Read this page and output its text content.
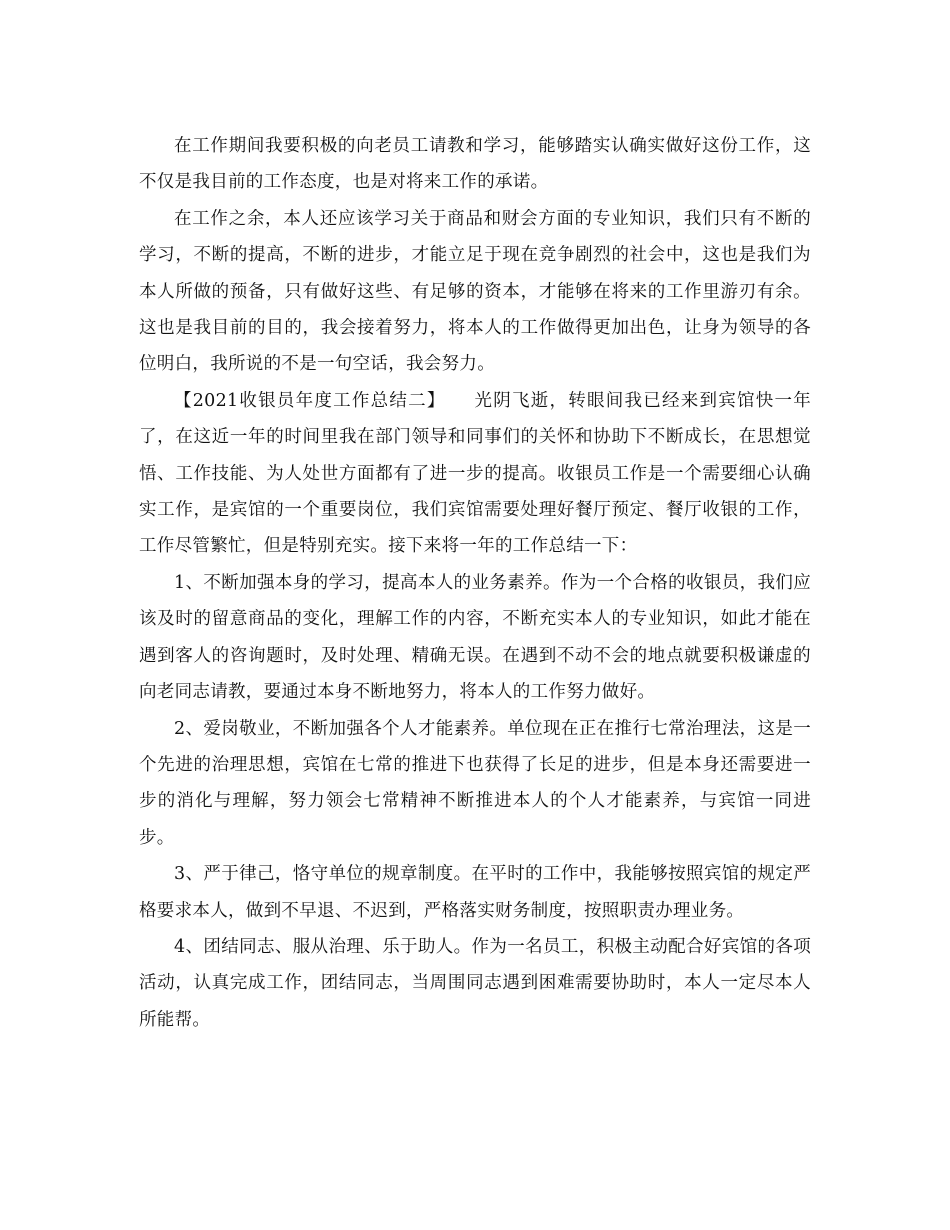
在工作期间我要积极的向老员工请教和学习，能够踏实认确实做好这份工作，这不仅是我目前的工作态度，也是对将来工作的承诺。

在工作之余，本人还应该学习关于商品和财会方面的专业知识，我们只有不断的学习，不断的提高，不断的进步，才能立足于现在竞争剧烈的社会中，这也是我们为本人所做的预备，只有做好这些、有足够的资本，才能够在将来的工作里游刃有余。这也是我目前的目的，我会接着努力，将本人的工作做得更加出色，让身为领导的各位明白，我所说的不是一句空话，我会努力。

【2021收银员年度工作总结二】　　光阴飞逝，转眼间我已经来到宾馆快一年了，在这近一年的时间里我在部门领导和同事们的关怀和协助下不断成长，在思想觉悟、工作技能、为人处世方面都有了进一步的提高。收银员工作是一个需要细心认确实工作，是宾馆的一个重要岗位，我们宾馆需要处理好餐厅预定、餐厅收银的工作，工作尽管繁忙，但是特别充实。接下来将一年的工作总结一下：

1、不断加强本身的学习，提高本人的业务素养。作为一个合格的收银员，我们应该及时的留意商品的变化，理解工作的内容，不断充实本人的专业知识，如此才能在遇到客人的咨询题时，及时处理、精确无误。在遇到不动不会的地点就要积极谦虚的向老同志请教，要通过本身不断地努力，将本人的工作努力做好。

2、爱岗敬业，不断加强各个人才能素养。单位现在正在推行七常治理法，这是一个先进的治理思想，宾馆在七常的推进下也获得了长足的进步，但是本身还需要进一步的消化与理解，努力领会七常精神不断推进本人的个人才能素养，与宾馆一同进步。

3、严于律己，恪守单位的规章制度。在平时的工作中，我能够按照宾馆的规定严格要求本人，做到不早退、不迟到，严格落实财务制度，按照职责办理业务。

4、团结同志、服从治理、乐于助人。作为一名员工，积极主动配合好宾馆的各项活动，认真完成工作，团结同志，当周围同志遇到困难需要协助时，本人一定尽本人所能帮。
